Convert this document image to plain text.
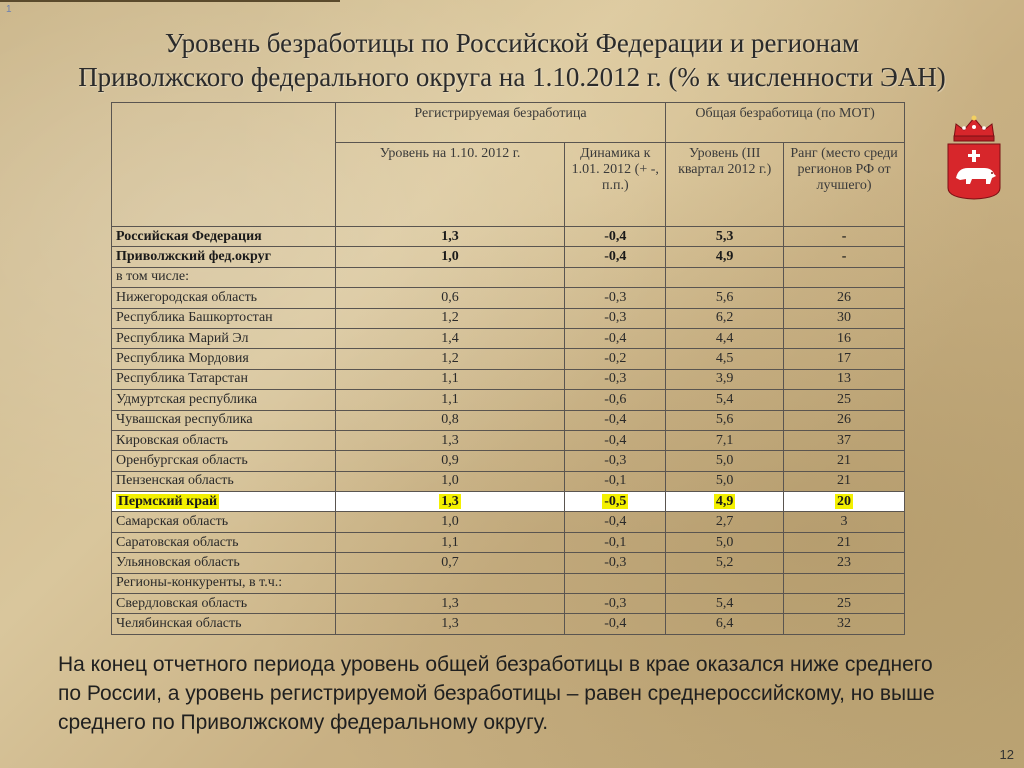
1
Уровень безработицы по Российской Федерации и регионам
Приволжского федерального округа на 1.10.2012 г. (% к численности ЭАН)
	Регистрируемая безработица		Общая безработица (по МОТ)	
	Уровень на 1.10. 2012 г.	Динамика к 1.01. 2012 (+ -, п.п.)	Уровень (III квартал 2012 г.)	Ранг (место среди регионов РФ от лучшего)
Российская Федерация	1,3	-0,4	5,3	-
Приволжский фед.округ	1,0	-0,4	4,9	-
в том числе:				
Нижегородская область	0,6	-0,3	5,6	26
Республика Башкортостан	1,2	-0,3	6,2	30
Республика Марий Эл	1,4	-0,4	4,4	16
Республика Мордовия	1,2	-0,2	4,5	17
Республика Татарстан	1,1	-0,3	3,9	13
Удмуртская республика	1,1	-0,6	5,4	25
Чувашская республика	0,8	-0,4	5,6	26
Кировская область	1,3	-0,4	7,1	37
Оренбургская область	0,9	-0,3	5,0	21
Пензенская область	1,0	-0,1	5,0	21
Пермский край	1,3	-0,5	4,9	20
Самарская область	1,0	-0,4	2,7	3
Саратовская область	1,1	-0,1	5,0	21
Ульяновская область	0,7	-0,3	5,2	23
Регионы-конкуренты, в т.ч.:				
Свердловская область	1,3	-0,3	5,4	25
Челябинская область	1,3	-0,4	6,4	32
На конец отчетного периода уровень общей безработицы в крае оказался ниже среднего по России, а уровень регистрируемой безработицы – равен среднероссийскому, но выше среднего по Приволжскому федеральному округу.
12
